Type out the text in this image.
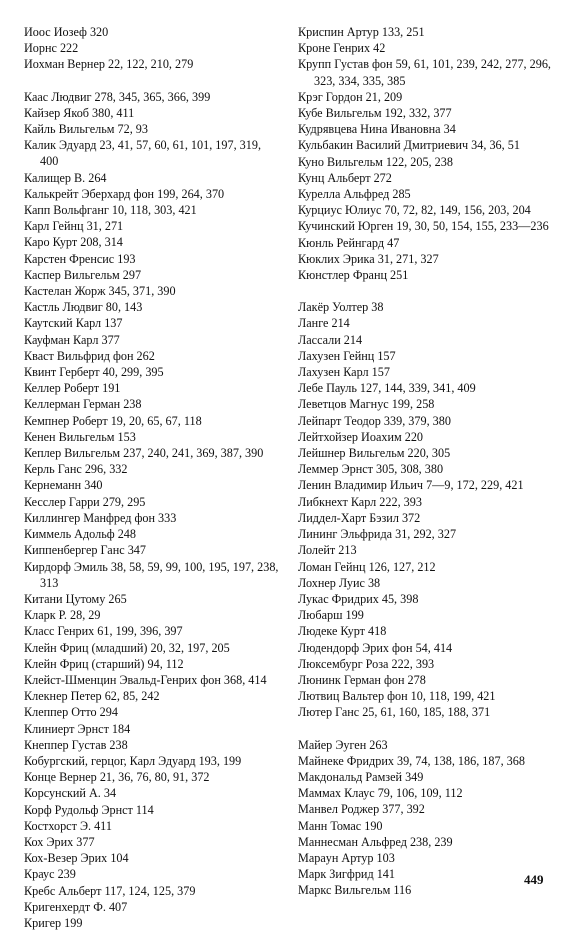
Иоос Иозеф 320
Иорнс 222
Иохман Вернер 22, 122, 210, 279
Каас Людвиг 278, 345, 365, 366, 399
Кайзер Якоб 380, 411
Кайль Вильгельм 72, 93
Калик Эдуард 23, 41, 57, 60, 61, 101, 197, 319, 400
Калищер В. 264
Калькрейт Эберхард фон 199, 264, 370
Капп Вольфганг 10, 118, 303, 421
Карл Гейнц 31, 271
Каро Курт 208, 314
Карстен Френсис 193
Каспер Вильгельм 297
Кастелан Жорж 345, 371, 390
Кастль Людвиг 80, 143
Каутский Карл 137
Кауфман Карл 377
Кваст Вильфрид фон 262
Квинт Герберт 40, 299, 395
Келлер Роберт 191
Келлерман Герман 238
Кемпнер Роберт 19, 20, 65, 67, 118
Кенен Вильгельм 153
Кеплер Вильгельм 237, 240, 241, 369, 387, 390
Керль Ганс 296, 332
Кернеманн 340
Кесслер Гарри 279, 295
Киллингер Манфред фон 333
Киммель Адольф 248
Киппенбергер Ганс 347
Кирдорф Эмиль 38, 58, 59, 99, 100, 195, 197, 238, 313
Китани Цутому 265
Кларк Р. 28, 29
Класс Генрих 61, 199, 396, 397
Клейн Фриц (младший) 20, 32, 197, 205
Клейн Фриц (старший) 94, 112
Клейст-Шменцин Эвальд-Генрих фон 368, 414
Клекнер Петер 62, 85, 242
Клеппер Отто 294
Клиниерт Эрнст 184
Кнеппер Густав 238
Кобургский, герцог, Карл Эдуард 193, 199
Конце Вернер 21, 36, 76, 80, 91, 372
Корсунский А. 34
Корф Рудольф Эрнст 114
Коcтхорст Э. 411
Кох Эрих 377
Кох-Везер Эрих 104
Краус 239
Кребс Альберт 117, 124, 125, 379
Кригенхердт Ф. 407
Кригер 199
Криспин Артур 133, 251
Кроне Генрих 42
Крупп Густав фон 59, 61, 101, 239, 242, 277, 296, 323, 334, 335, 385
Крэг Гордон 21, 209
Кубе Вильгельм 192, 332, 377
Кудрявцева Нина Ивановна 34
Кульбакин Василий Дмитриевич 34, 36, 51
Куно Вильгельм 122, 205, 238
Кунц Альберт 272
Курелла Альфред 285
Курциус Юлиус 70, 72, 82, 149, 156, 203, 204
Кучинский Юрген 19, 30, 50, 154, 155, 233—236
Кюнль Рейнгард 47
Кюклих Эрика 31, 271, 327
Кюнстлер Франц 251
Лакёр Уолтер 38
Ланге 214
Лассали 214
Лахузен Гейнц 157
Лахузен Карл 157
Лебе Пауль 127, 144, 339, 341, 409
Леветцов Магнус 199, 258
Лейпарт Теодор 339, 379, 380
Лейтхойзер Иоахим 220
Лейшнер Вильгельм 220, 305
Леммер Эрнст 305, 308, 380
Ленин Владимир Ильич 7—9, 172, 229, 421
Либкнехт Карл 222, 393
Лиддел-Харт Бэзил 372
Лининг Эльфрида 31, 292, 327
Лолейт 213
Ломан Гейнц 126, 127, 212
Лохнер Луис 38
Лукас Фридрих 45, 398
Любарш 199
Людеке Курт 418
Людендорф Эрих фон 54, 414
Люксембург Роза 222, 393
Люнинк Герман фон 278
Лютвиц Вальтер фон 10, 118, 199, 421
Лютер Ганс 25, 61, 160, 185, 188, 371
Майер Эуген 263
Майнеке Фридрих 39, 74, 138, 186, 187, 368
Макдональд Рамзей 349
Маммах Клаус 79, 106, 109, 112
Манвел Роджер 377, 392
Манн Томас 190
Маннесман Альфред 238, 239
Марaун Артур 103
Марк Зигфрид 141
Маркс Вильгельм 116
449
